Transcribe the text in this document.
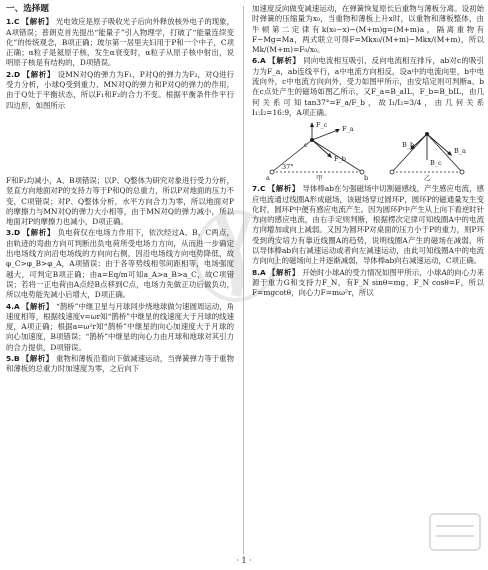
一、选择题
1.C 【解析】 光电效应是原子吸收光子后向外释放核外电子的现象，A项错误；普朗克首先提出“能量子”引入物理学，打破了“能量连续变化”的传统观念，B项正确；玻尔第一居里夫妇用于P和一个中子，C项正确；α粒子是氦原子核，发生α衰变时，α粒子从原子核中射出，说明原子核是有结构的，D项错误。
2.D 【解析】 设MN对Q的弹力为F₁，P对Q的弹力为F₂，对Q进行受力分析，小球Q受到重力、MN对Q的弹力和P对Q的弹力的作用，由于Q处于平衡状态，所以F₁和F₂的合力不变。根据平衡条件作平行四边形，如图所示
F和F₂均减小，A、B项错误；以P、Q整体为研究对象进行受力分析，竖直方向地面对P的支持力等于P和Q的总重力，所以P对地面的压力不变，C项错误；对P、Q整体分析，水平方向合力为零，所以地面对P的摩擦力与MN对Q的弹力大小相等，由于MN对Q的弹力减小，所以地面对P的摩擦力也减小，D项正确。
3.D 【解析】 负电荷仅在电场力作用下，依次经过A、B、C两点，由轨迹的弯曲方向可判断出负电荷所受电场力方向，从而进一步确定出电场线方向沿电场线的方向向右侧，因沿电场线方向电势降低，故φ_C>φ_B>φ_A，A项错误；由于各等势线相邻间距相等，电场强度越大，可判定B项正确；由a=Eq/m可知a_A>a_B>a_C，故C项错误；若将一正电荷由A点经B点移到C点，电场力先做正功后做负功，所以电势能先减小后增大，D项正确。
4.A 【解析】 “鹊桥”中继卫星与月球同步绕地球做匀速圆周运动，角速度相等，根据线速度v=ωr知“鹊桥”中继星的线速度大于月球的线速度，A项正确；根据a=ω²r知“鹊桥”中继星的向心加速度大于月球的向心加速度，B项错误；“鹊桥”中继星的向心力由月球和地球对其引力的合力提供，D项错误。
5.B 【解析】 重物和薄板沿着向下做减速运动，当弹簧弹力等于重物和薄板的总重力时加速度为零，之后向下
加速度反向做变减速运动，在弹簧恢复原长后重物与薄板分离。设初始时弹簧的压缩量为x₀，当重物和薄板上升x时，以重物和薄板整体，由牛顿第二定律有k(x₀−x)−(M+m)g=(M+m)a，隔离重物有F−Mg=Ma，两式联立可得F=Mkx₀/(M+m)−Mkx/(M+m)，所以Mk/(M+m)=F₀/x₀。
6.A 【解析】 同向电流相互吸引，反向电流相互排斥，ab对c的吸引力为F_a，ab连线平行，a中电流方向相反，设a中的电流向里，b中电流向外，c中电流方向向外，受力如图甲所示，由安培定则可判断a、b在c点处产生的磁场如图乙所示，又F_a=B_aIL，F_b=B_bIL，由几何关系可知tan37°=F_a/F_b，故I₁/I₂=3/4，由几何关系I₁:I₂=16:9，A项正确。
F_c F_a
F_b
37°
c
a	b
甲
B_b
B_c
B_a
乙
7.C 【解析】 导体棒ab在匀强磁场中切割磁感线，产生感应电流，感应电流通过线圈A形成磁场，该磁场穿过圆环P，圆环P的磁通量发生变化时，圆环P中便有感应电流产生。因为圆环P中产生从上向下看逆时针方向的感应电流，由右手定则判断，根据楞次定律可知线圈A中的电流方向增加或向上减弱。又因为圆环P对桌面的压力小于P的重力，则P环受到的安培力有靠近线圈A的趋势，说明线圈A产生的磁场在减弱，所以导体棒ab向右减速运动或者向左减速运动，由此可知线圈A中的电流方向向上的磁场向上并逐渐减弱，导体棒ab向右减速运动，C项正确。
8.A 【解析】 开始时小球A的受力情况如图甲所示，小球A的向心力来源于重力G和支持力F_N，有F_N sinθ=mg，F_N cosθ=F，所以F=mgcotθ，向心力F=mω²r，所以
· 1 ·
